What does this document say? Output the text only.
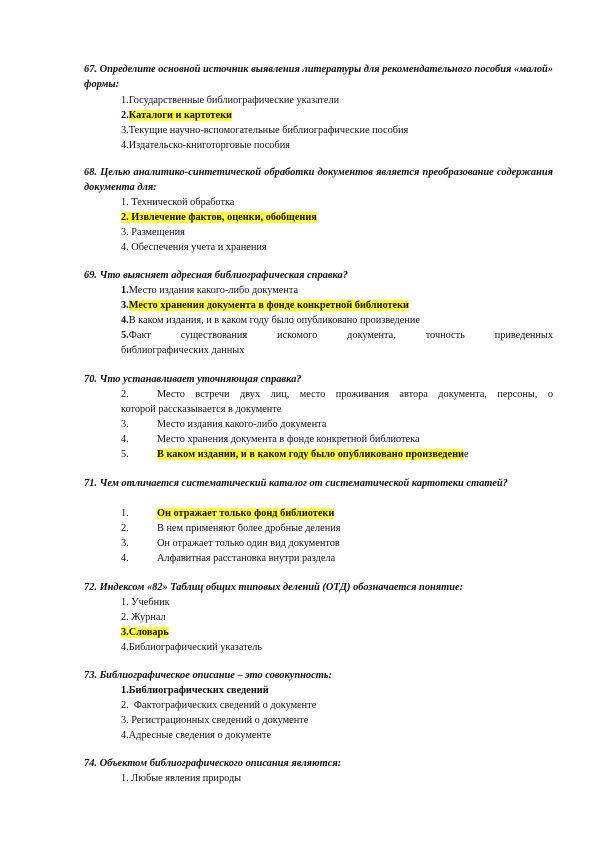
67. Определите основной источник выявления литературы для рекомендательного пособия «малой» формы:
1.Государственные библиографические указатели
2.Каталоги и картотеки
3.Текущие научно-вспомогательные библиографические пособия
4.Издательско-книготорговые пособия
68. Целью аналитико-синтетической обработки документов является преобразование содержания документа для:
1. Технической обработка
2. Извлечение фактов, оценки, обобщения
3. Размещения
4. Обеспечения учета и хранения
69. Что выясняет адресная библиографическая справка?
1.Место издания какого-либо документа
3.Место хранения документа в фонде конкретной библиотеки
4.В каком издания, и в каком году было опубликовано произведение
5.Факт существования искомого документа, точность приведенных
библиографических данных
70. Что устанавливает уточняющая справка?
2.	Место встречи двух лиц, место проживания автора документа, персоны, о
которой рассказывается в документе
3.	Место издания какого-либо документа
4.	Место хранения документа в фонде конкретной библиотека
5.	В каком издании, и в каком году было опубликовано произведение
71. Чем отличается систематический каталог от систематической картотеки статей?
1.	Он отражает только фонд библиотеки
2.	В нем применяют более дробные деления
3.	Он отражает только один вид документов
4.	Алфавитная расстановка внутри раздела
72. Индексом «82» Таблиц общих типовых делений (ОТД) обозначается понятие:
1. Учебник
2. Журнал
3.Словарь
4.Библиографический указатель
73. Библиографическое описание – это совокупность:
1.Библиографических сведений
2.  Фактографических сведений о документе
3. Регистрационных сведений о документе
4.Адресные сведения о документе
74. Объектом библиографического описания являются:
1. Любые явления природы
